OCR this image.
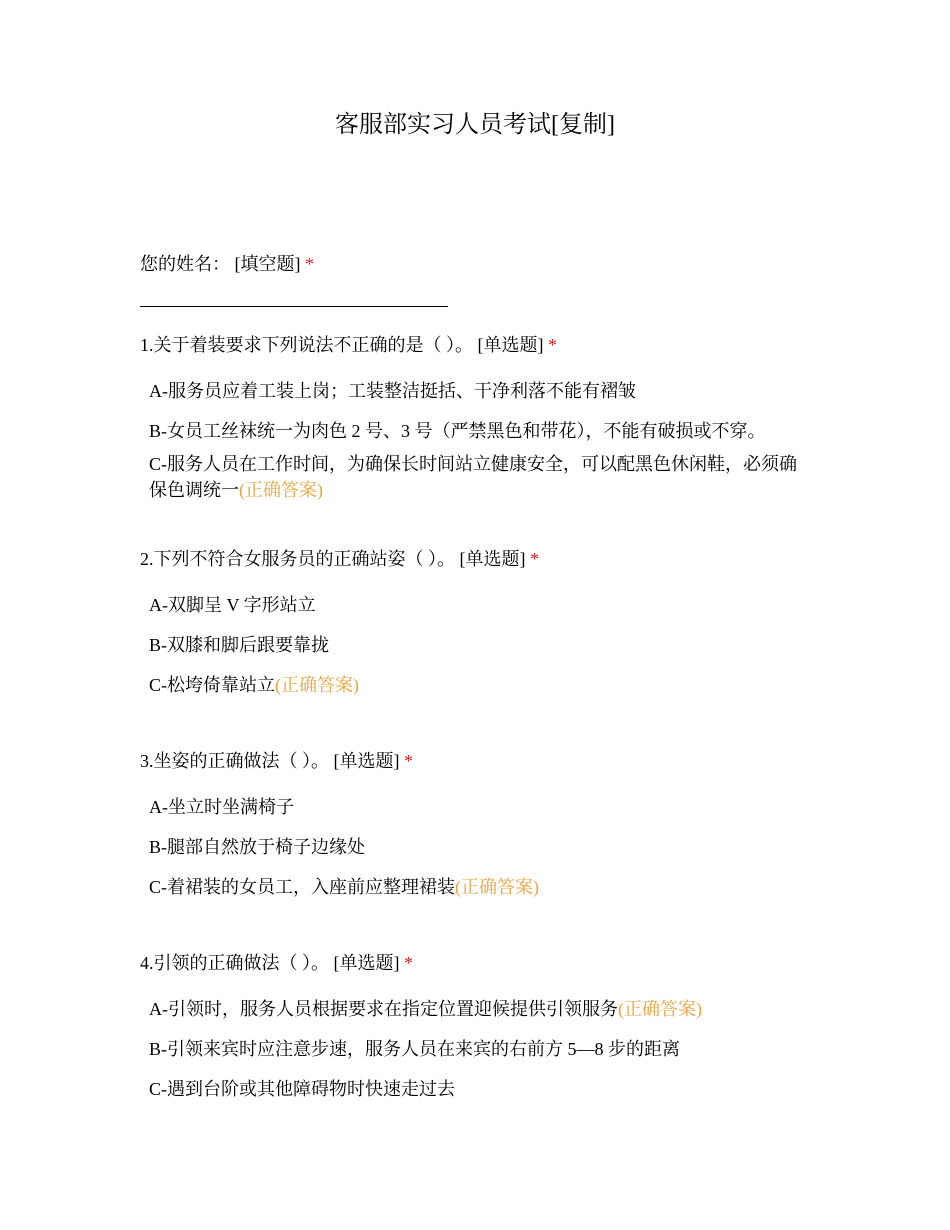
客服部实习人员考试[复制]
您的姓名： [填空题] *
1.关于着装要求下列说法不正确的是（ ）。 [单选题] *
A-服务员应着工装上岗；工装整洁挺括、干净利落不能有褶皱
B-女员工丝袜统一为肉色 2 号、3 号（严禁黑色和带花），不能有破损或不穿。
C-服务人员在工作时间，为确保长时间站立健康安全，可以配黑色休闲鞋，必须确保色调统一(正确答案)
2.下列不符合女服务员的正确站姿（ ）。 [单选题] *
A-双脚呈 V 字形站立
B-双膝和脚后跟要靠拢
C-松垮倚靠站立(正确答案)
3.坐姿的正确做法（ ）。 [单选题] *
A-坐立时坐满椅子
B-腿部自然放于椅子边缘处
C-着裙装的女员工，入座前应整理裙装(正确答案)
4.引领的正确做法（ ）。 [单选题] *
A-引领时，服务人员根据要求在指定位置迎候提供引领服务(正确答案)
B-引领来宾时应注意步速，服务人员在来宾的右前方 5—8 步的距离
C-遇到台阶或其他障碍物时快速走过去
